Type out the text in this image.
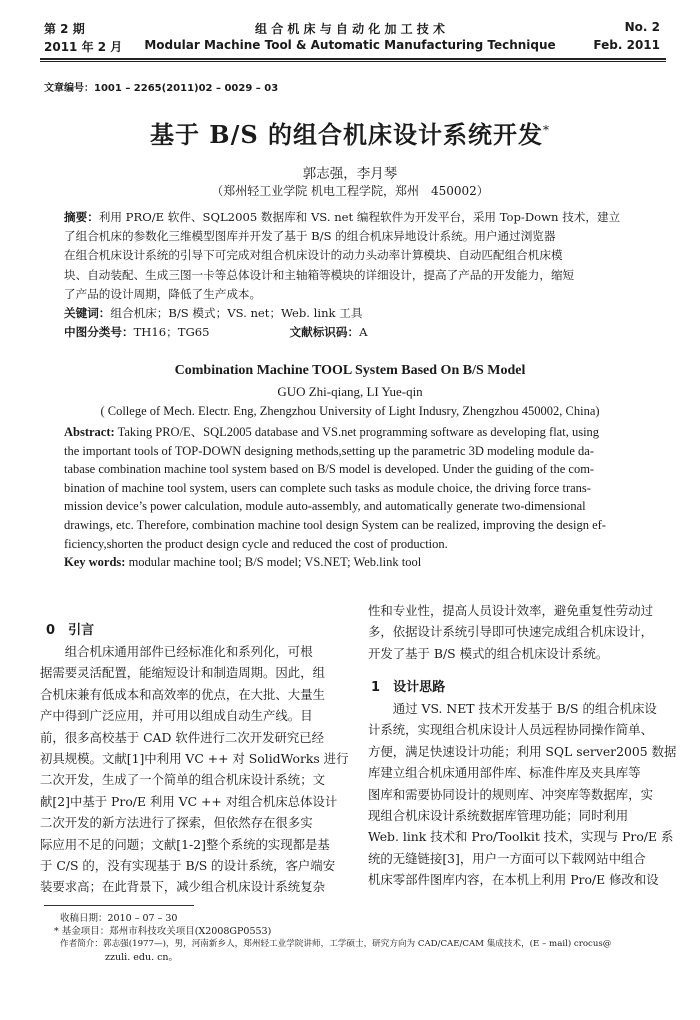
第 2 期
2011 年 2 月
组 合 机 床 与 自 动 化 加 工 技 术
Modular Machine Tool & Automatic Manufacturing Technique
No. 2
Feb. 2011
文章编号：1001 – 2265(2011)02 – 0029 – 03
基于 B/S 的组合机床设计系统开发*
郭志强，李月琴
（郑州轻工业学院 机电工程学院，郑州　450002）
摘要：利用 PRO/E 软件、SQL2005 数据库和 VS. net 编程软件为开发平台，采用 Top-Down 技术，建立
了组合机床的参数化三维模型图库并开发了基于 B/S 的组合机床异地设计系统。用户通过浏览器
在组合机床设计系统的引导下可完成对组合机床设计的动力头动率计算模块、自动匹配组合机床模
块、自动装配、生成三图一卡等总体设计和主轴箱等模块的详细设计，提高了产品的开发能力，缩短
了产品的设计周期，降低了生产成本。
关键词：组合机床；B/S 模式；VS. net；Web. link 工具
中图分类号：TH16；TG65	文献标识码：A
Combination Machine TOOL System Based On B/S Model
GUO Zhi-qiang, LI Yue-qin
( College of Mech. Electr. Eng, Zhengzhou University of Light Indusry, Zhengzhou 450002, China)
Abstract: Taking PRO/E、SQL2005 database and VS.net programming software as developing flat, using
the important tools of TOP-DOWN designing methods,setting up the parametric 3D modeling module da-
tabase combination machine tool system based on B/S model is developed. Under the guiding of the com-
bination of machine tool system, users can complete such tasks as module choice, the driving force trans-
mission device’s power calculation, module auto-assembly, and automatically generate two-dimensional
drawings, etc. Therefore, combination machine tool design System can be realized, improving the design ef-
ficiency,shorten the product design cycle and reduced the cost of production.
Key words: modular machine tool; B/S model; VS.NET; Web.link tool
0　 引言
　　组合机床通用部件已经标准化和系列化，可根
据需要灵活配置，能缩短设计和制造周期。因此，组
合机床兼有低成本和高效率的优点，在大批、大量生
产中得到广泛应用，并可用以组成自动生产线。目
前，很多高校基于 CAD 软件进行二次开发研究已经
初具规模。文献[1]中利用 VC ++ 对 SolidWorks 进行
二次开发，生成了一个简单的组合机床设计系统；文
献[2]中基于 Pro/E 利用 VC ++ 对组合机床总体设计
二次开发的新方法进行了探索，但依然存在很多实
际应用不足的问题；文献[1-2]整个系统的实现都是基
于 C/S 的，没有实现基于 B/S 的设计系统，客户端安
装要求高；在此背景下，减少组合机床设计系统复杂
性和专业性，提高人员设计效率，避免重复性劳动过
多，依据设计系统引导即可快速完成组合机床设计，
开发了基于 B/S 模式的组合机床设计系统。
1　 设计思路
　　通过 VS. NET 技术开发基于 B/S 的组合机床设
计系统，实现组合机床设计人员远程协同操作简单、
方便，满足快速设计功能；利用 SQL server2005 数据
库建立组合机床通用部件库、标准件库及夹具库等
图库和需要协同设计的规则库、冲突库等数据库，实
现组合机床设计系统数据库管理功能；同时利用
Web. link 技术和 Pro/Toolkit 技术，实现与 Pro/E 系
统的无缝链接[3]，用户一方面可以下载网站中组合
机床零部件图库内容，在本机上利用 Pro/E 修改和设
收稿日期：2010 – 07 – 30
* 基金项目：郑州市科技攻关项目(X2008GP0553)
作者简介：郭志强(1977—)，男，河南新乡人，郑州轻工业学院讲师，工学硕士，研究方向为 CAD/CAE/CAM 集成技术，(E – mail) crocus@
zzuli. edu. cn。
